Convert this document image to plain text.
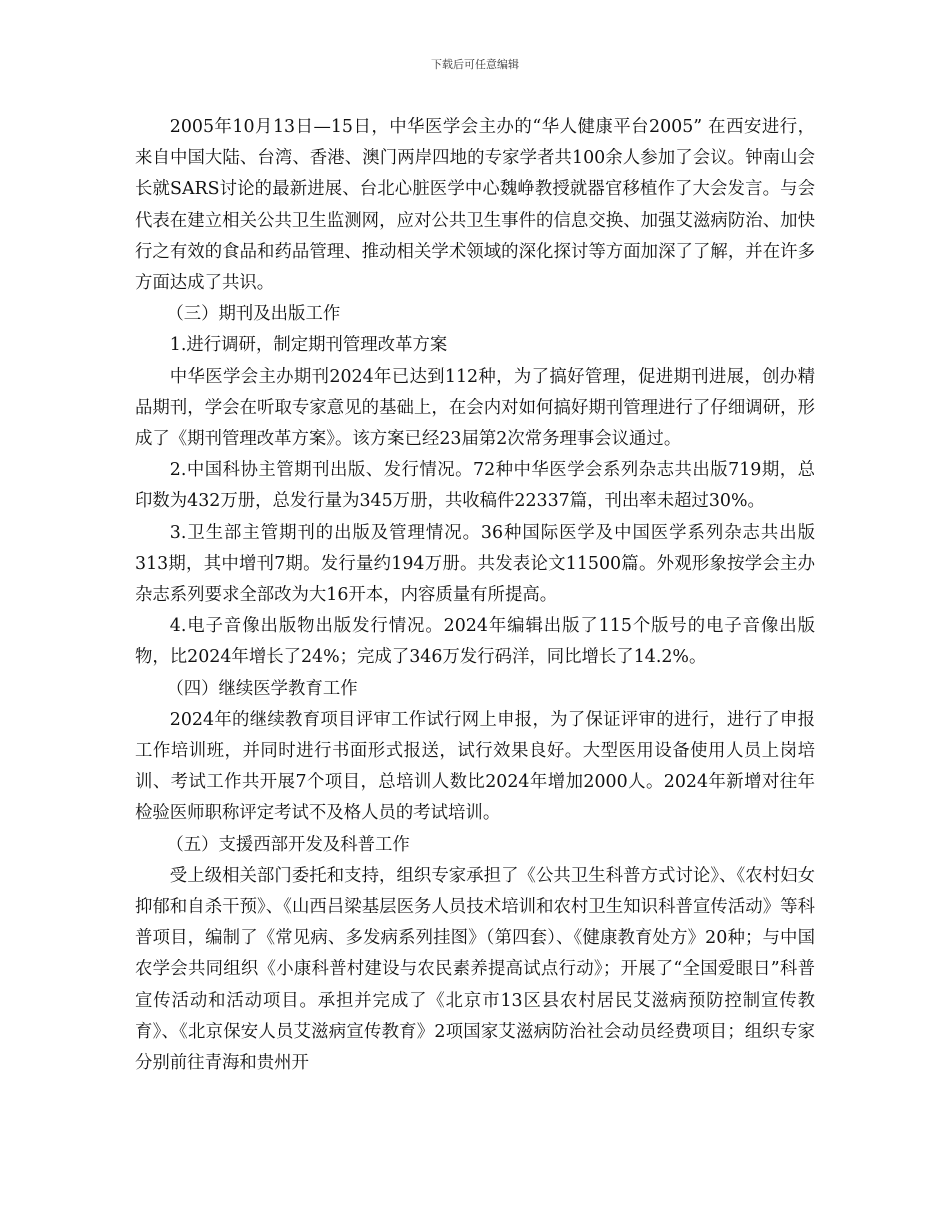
下载后可任意编辑

2005年10月13日—15日，中华医学会主办的“华人健康平台2005” 在西安进行，来自中国大陆、台湾、香港、澳门两岸四地的专家学者共100余人参加了会议。钟南山会长就SARS讨论的最新进展、台北心脏医学中心魏峥教授就器官移植作了大会发言。与会代表在建立相关公共卫生监测网，应对公共卫生事件的信息交换、加强艾滋病防治、加快行之有效的食品和药品管理、推动相关学术领域的深化探讨等方面加深了了解，并在许多方面达成了共识。

（三）期刊及出版工作

1.进行调研，制定期刊管理改革方案

中华医学会主办期刊2024年已达到112种，为了搞好管理，促进期刊进展，创办精品期刊，学会在听取专家意见的基础上，在会内对如何搞好期刊管理进行了仔细调研，形成了《期刊管理改革方案》。该方案已经23届第2次常务理事会议通过。

2.中国科协主管期刊出版、发行情况。72种中华医学会系列杂志共出版719期，总印数为432万册，总发行量为345万册，共收稿件22337篇，刊出率未超过30%。

3.卫生部主管期刊的出版及管理情况。36种国际医学及中国医学系列杂志共出版313期，其中增刊7期。发行量约194万册。共发表论文11500篇。外观形象按学会主办杂志系列要求全部改为大16开本，内容质量有所提高。

4.电子音像出版物出版发行情况。2024年编辑出版了115个版号的电子音像出版物，比2024年增长了24%；完成了346万发行码洋，同比增长了14.2%。

（四）继续医学教育工作

2024年的继续教育项目评审工作试行网上申报，为了保证评审的进行，进行了申报工作培训班，并同时进行书面形式报送，试行效果良好。大型医用设备使用人员上岗培训、考试工作共开展7个项目，总培训人数比2024年增加2000人。2024年新增对往年检验医师职称评定考试不及格人员的考试培训。

（五）支援西部开发及科普工作

受上级相关部门委托和支持，组织专家承担了《公共卫生科普方式讨论》、《农村妇女抑郁和自杀干预》、《山西吕梁基层医务人员技术培训和农村卫生知识科普宣传活动》等科普项目，编制了《常见病、多发病系列挂图》（第四套）、《健康教育处方》20种；与中国农学会共同组织《小康科普村建设与农民素养提高试点行动》；开展了“全国爱眼日”科普宣传活动和活动项目。承担并完成了《北京市13区县农村居民艾滋病预防控制宣传教育》、《北京保安人员艾滋病宣传教育》2项国家艾滋病防治社会动员经费项目；组织专家分别前往青海和贵州开
